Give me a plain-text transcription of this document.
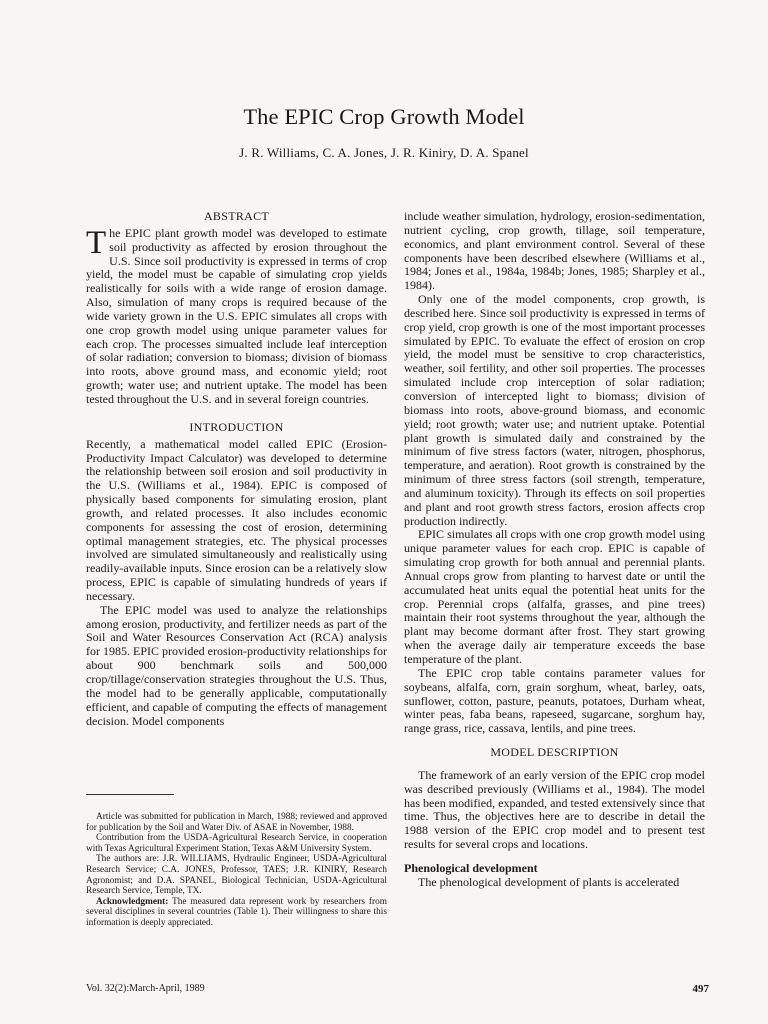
The EPIC Crop Growth Model
J. R. Williams, C. A. Jones, J. R. Kiniry, D. A. Spanel
ABSTRACT

The EPIC plant growth model was developed to estimate soil productivity as affected by erosion throughout the U.S. Since soil productivity is expressed in terms of crop yield, the model must be capable of simulating crop yields realistically for soils with a wide range of erosion damage. Also, simulation of many crops is required because of the wide variety grown in the U.S. EPIC simulates all crops with one crop growth model using unique parameter values for each crop. The processes simualted include leaf interception of solar radiation; conversion to biomass; division of biomass into roots, above ground mass, and economic yield; root growth; water use; and nutrient uptake. The model has been tested throughout the U.S. and in several foreign countries.

INTRODUCTION

Recently, a mathematical model called EPIC (Erosion-Productivity Impact Calculator) was developed to determine the relationship between soil erosion and soil productivity in the U.S. (Williams et al., 1984). EPIC is composed of physically based components for simulating erosion, plant growth, and related processes. It also includes economic components for assessing the cost of erosion, determining optimal management strategies, etc. The physical processes involved are simulated simultaneously and realistically using readily-available inputs. Since erosion can be a relatively slow process, EPIC is capable of simulating hundreds of years if necessary.

The EPIC model was used to analyze the relationships among erosion, productivity, and fertilizer needs as part of the Soil and Water Resources Conservation Act (RCA) analysis for 1985. EPIC provided erosion-productivity relationships for about 900 benchmark soils and 500,000 crop/tillage/conservation strategies throughout the U.S. Thus, the model had to be generally applicable, computationally efficient, and capable of computing the effects of management decision. Model components

Article was submitted for publication in March, 1988; reviewed and approved for publication by the Soil and Water Div. of ASAE in November, 1988.

Contribution from the USDA-Agricultural Research Service, in cooperation with Texas Agricultural Experiment Station, Texas A&M University System.

The authors are: J.R. WILLIAMS, Hydraulic Engineer, USDA-Agricultural Research Service; C.A. JONES, Professor, TAES; J.R. KINIRY, Research Agronomist; and D.A. SPANEL, Biological Technician, USDA-Agricultural Research Service, Temple, TX.

Acknowledgment: The measured data represent work by researchers from several disciplines in several countries (Table 1). Their willingness to share this information is deeply appreciated.

include weather simulation, hydrology, erosion-sedimentation, nutrient cycling, crop growth, tillage, soil temperature, economics, and plant environment control. Several of these components have been described elsewhere (Williams et al., 1984; Jones et al., 1984a, 1984b; Jones, 1985; Sharpley et al., 1984).

Only one of the model components, crop growth, is described here. Since soil productivity is expressed in terms of crop yield, crop growth is one of the most important processes simulated by EPIC. To evaluate the effect of erosion on crop yield, the model must be sensitive to crop characteristics, weather, soil fertility, and other soil properties. The processes simulated include crop interception of solar radiation; conversion of intercepted light to biomass; division of biomass into roots, above-ground biomass, and economic yield; root growth; water use; and nutrient uptake. Potential plant growth is simulated daily and constrained by the minimum of five stress factors (water, nitrogen, phosphorus, temperature, and aeration). Root growth is constrained by the minimum of three stress factors (soil strength, temperature, and aluminum toxicity). Through its effects on soil properties and plant and root growth stress factors, erosion affects crop production indirectly.

EPIC simulates all crops with one crop growth model using unique parameter values for each crop. EPIC is capable of simulating crop growth for both annual and perennial plants. Annual crops grow from planting to harvest date or until the accumulated heat units equal the potential heat units for the crop. Perennial crops (alfalfa, grasses, and pine trees) maintain their root systems throughout the year, although the plant may become dormant after frost. They start growing when the average daily air temperature exceeds the base temperature of the plant.

The EPIC crop table contains parameter values for soybeans, alfalfa, corn, grain sorghum, wheat, barley, oats, sunflower, cotton, pasture, peanuts, potatoes, Durham wheat, winter peas, faba beans, rapeseed, sugarcane, sorghum hay, range grass, rice, cassava, lentils, and pine trees.

MODEL DESCRIPTION

The framework of an early version of the EPIC crop model was described previously (Williams et al., 1984). The model has been modified, expanded, and tested extensively since that time. Thus, the objectives here are to describe in detail the 1988 version of the EPIC crop model and to present test results for several crops and locations.

Phenological development

The phenological development of plants is accelerated

Vol. 32(2):March-April, 1989	497
